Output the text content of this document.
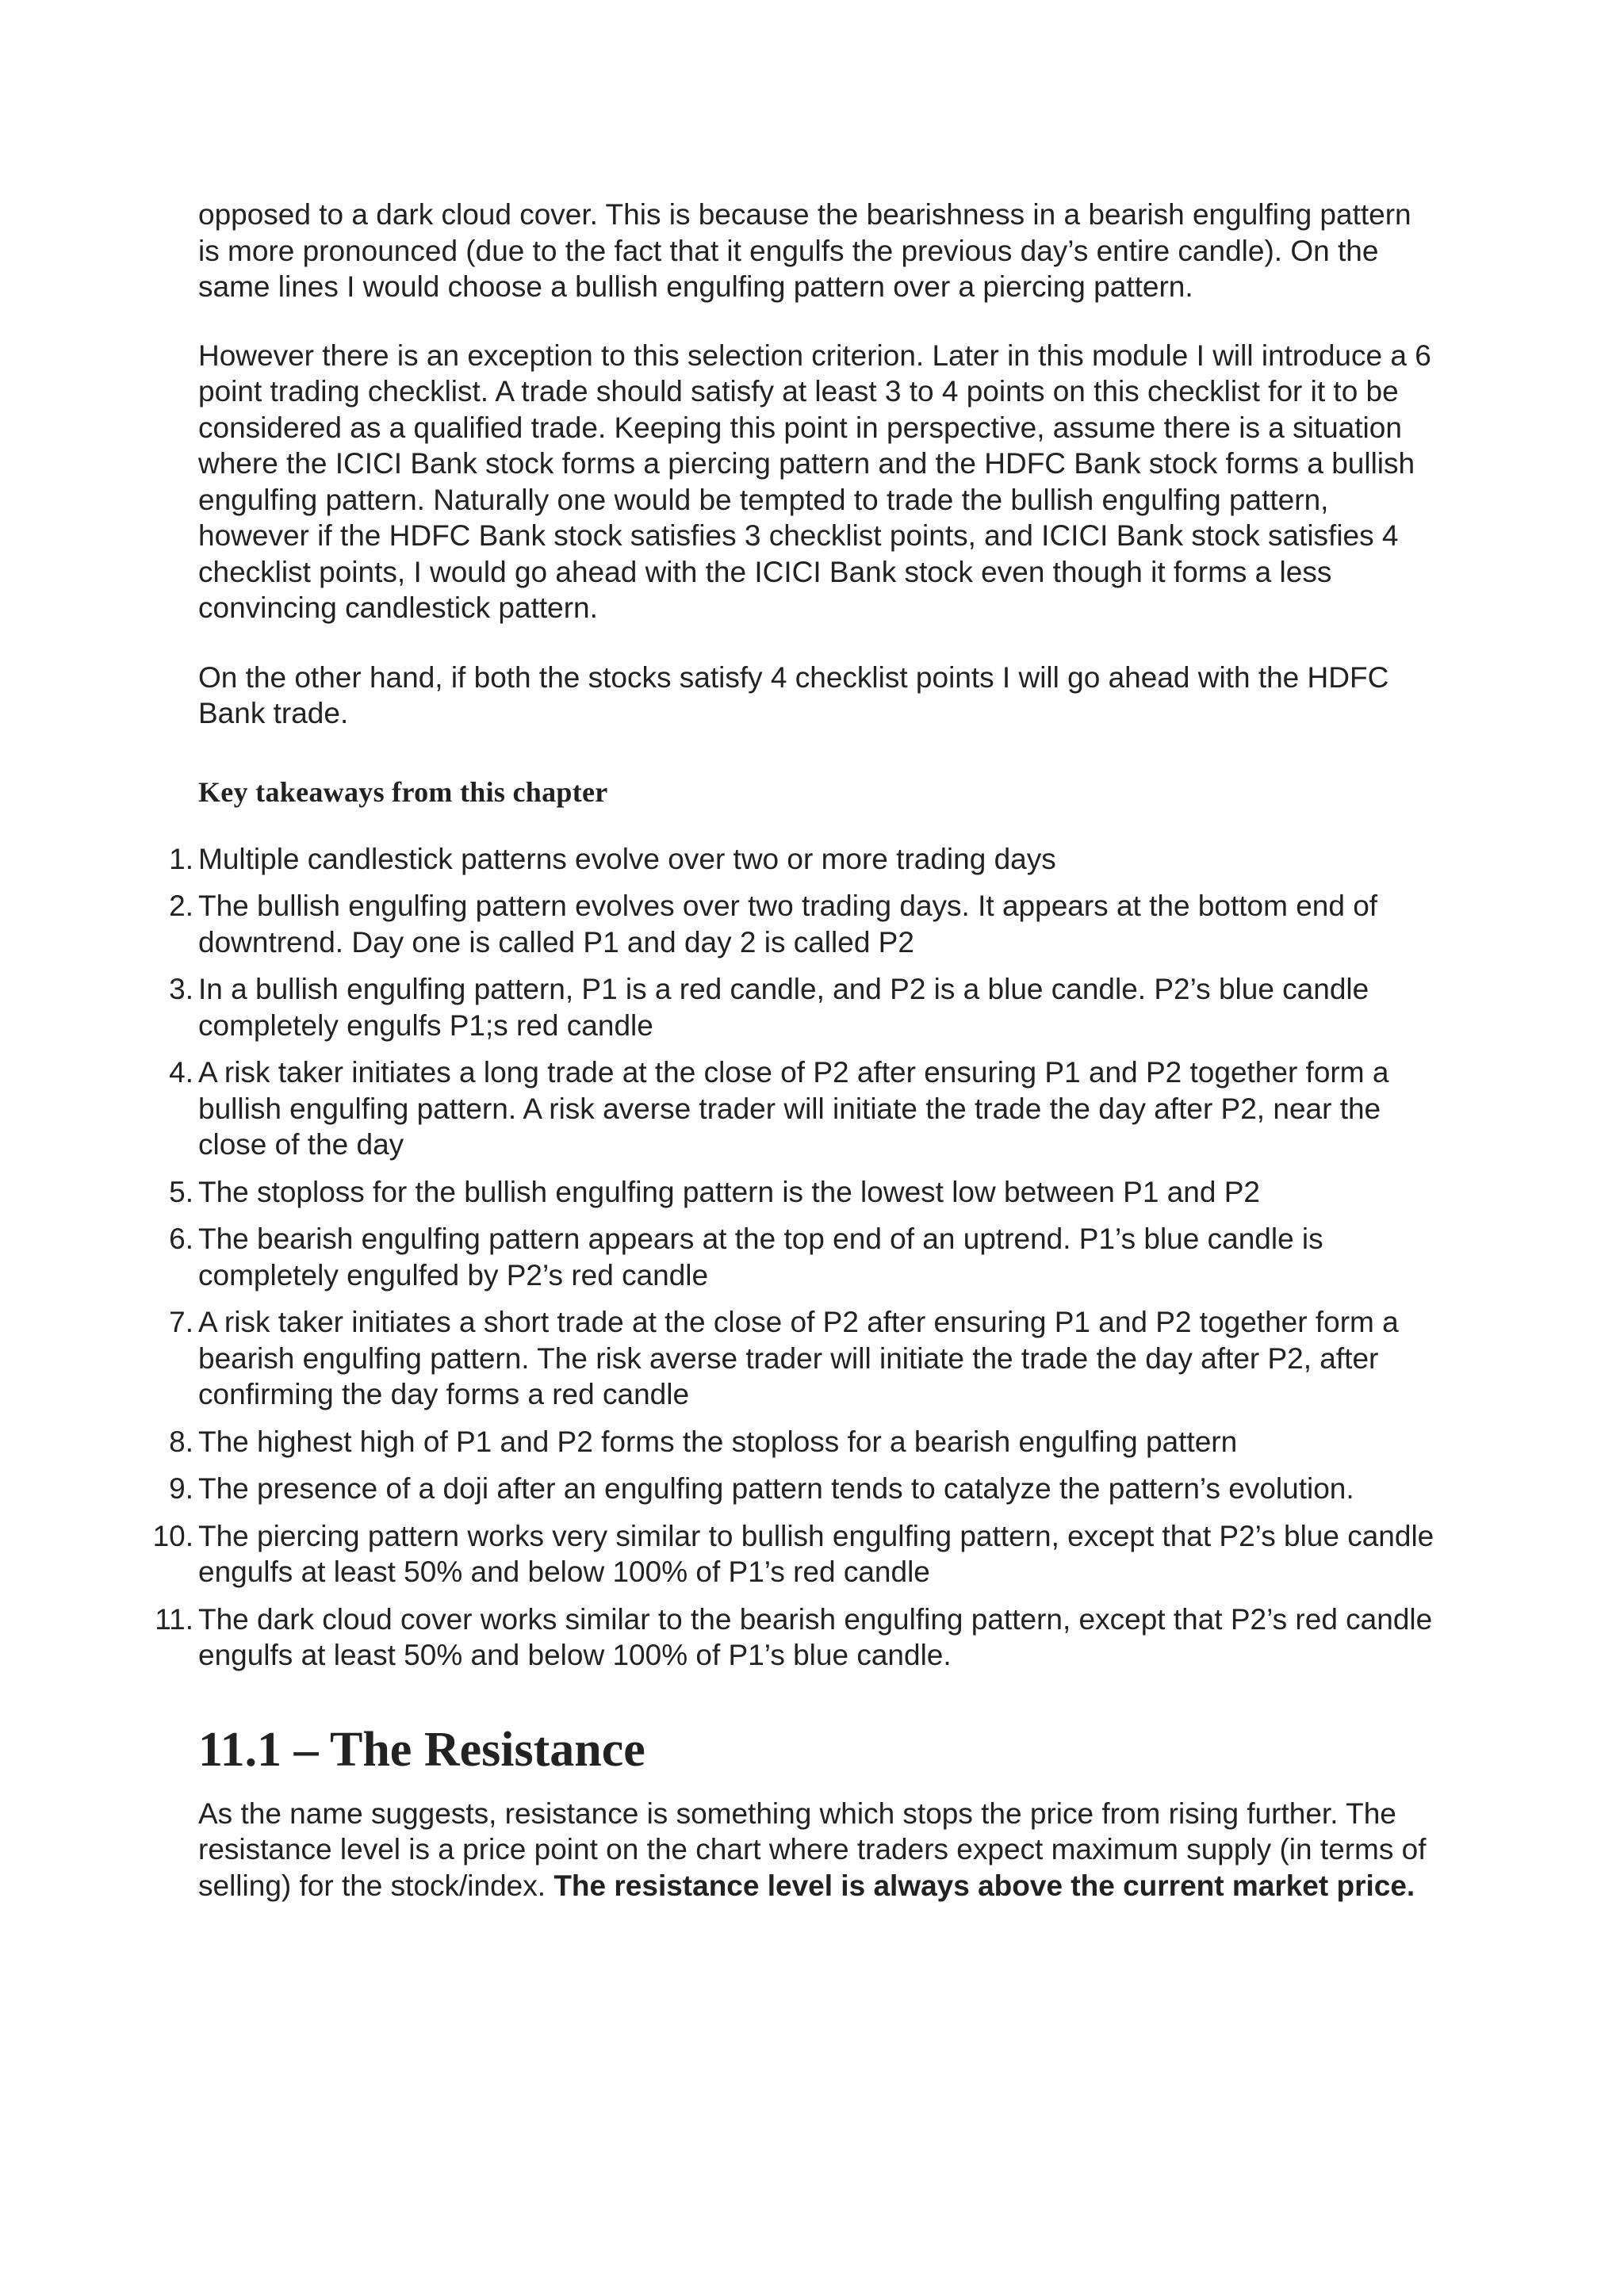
opposed to a dark cloud cover. This is because the bearishness in a bearish engulfing pattern is more pronounced (due to the fact that it engulfs the previous day’s entire candle). On the same lines I would choose a bullish engulfing pattern over a piercing pattern.

However there is an exception to this selection criterion. Later in this module I will introduce a 6 point trading checklist. A trade should satisfy at least 3 to 4 points on this checklist for it to be considered as a qualified trade. Keeping this point in perspective, assume there is a situation where the ICICI Bank stock forms a piercing pattern and the HDFC Bank stock forms a bullish engulfing pattern. Naturally one would be tempted to trade the bullish engulfing pattern, however if the HDFC Bank stock satisfies 3 checklist points, and ICICI Bank stock satisfies 4 checklist points, I would go ahead with the ICICI Bank stock even though it forms a less convincing candlestick pattern.

On the other hand, if both the stocks satisfy 4 checklist points I will go ahead with the HDFC Bank trade.

Key takeaways from this chapter
1. Multiple candlestick patterns evolve over two or more trading days
2. The bullish engulfing pattern evolves over two trading days. It appears at the bottom end of downtrend. Day one is called P1 and day 2 is called P2
3. In a bullish engulfing pattern, P1 is a red candle, and P2 is a blue candle. P2’s blue candle completely engulfs P1;s red candle
4. A risk taker initiates a long trade at the close of P2 after ensuring P1 and P2 together form a bullish engulfing pattern. A risk averse trader will initiate the trade the day after P2, near the close of the day
5. The stoploss for the bullish engulfing pattern is the lowest low between P1 and P2
6. The bearish engulfing pattern appears at the top end of an uptrend. P1’s blue candle is completely engulfed by P2’s red candle
7. A risk taker initiates a short trade at the close of P2 after ensuring P1 and P2 together form a bearish engulfing pattern. The risk averse trader will initiate the trade the day after P2, after confirming the day forms a red candle
8. The highest high of P1 and P2 forms the stoploss for a bearish engulfing pattern
9. The presence of a doji after an engulfing pattern tends to catalyze the pattern’s evolution.
10. The piercing pattern works very similar to bullish engulfing pattern, except that P2’s blue candle engulfs at least 50% and below 100% of P1’s red candle
11. The dark cloud cover works similar to the bearish engulfing pattern, except that P2’s red candle engulfs at least 50% and below 100% of P1’s blue candle.
11.1 – The Resistance

As the name suggests, resistance is something which stops the price from rising further. The resistance level is a price point on the chart where traders expect maximum supply (in terms of selling) for the stock/index. The resistance level is always above the current market price.
